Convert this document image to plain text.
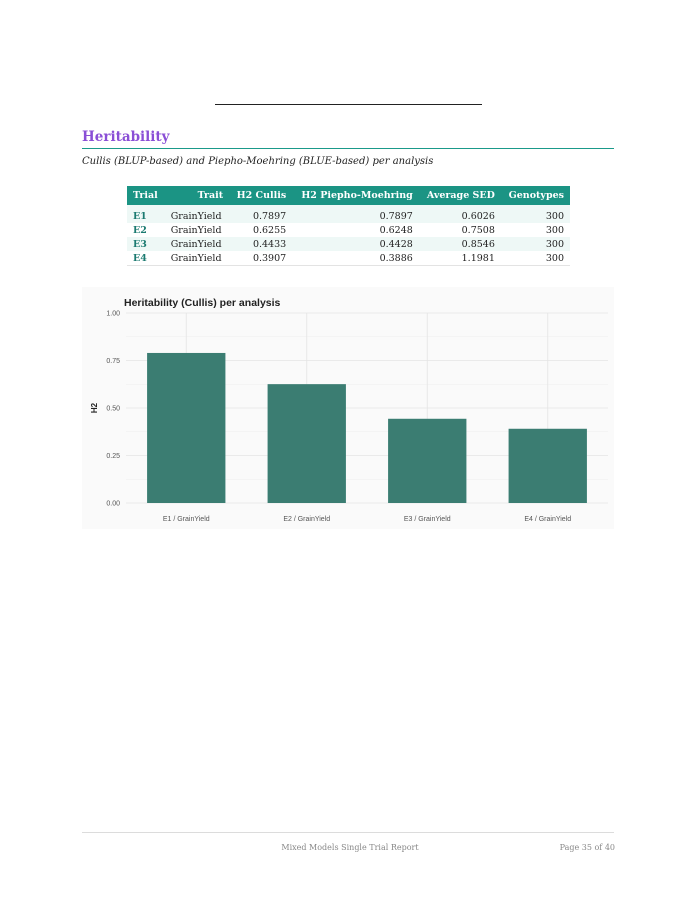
Heritability

Cullis (BLUP-based) and Piepho-Moehring (BLUE-based) per analysis

Trial	Trait	H2 Cullis	H2 Piepho-Moehring	Average SED	Genotypes
E1	GrainYield	0.7897	0.7897	0.6026	300
E2	GrainYield	0.6255	0.6248	0.7508	300
E3	GrainYield	0.4433	0.4428	0.8546	300
E4	GrainYield	0.3907	0.3886	1.1981	300
0.00
0.25
0.50
0.75
1.00
E1 / GrainYield	E2 / GrainYield	E3 / GrainYield	E4 / GrainYield
Heritability (Cullis) per analysis
H2
Mixed Models Single Trial Report	Page 35 of 40
